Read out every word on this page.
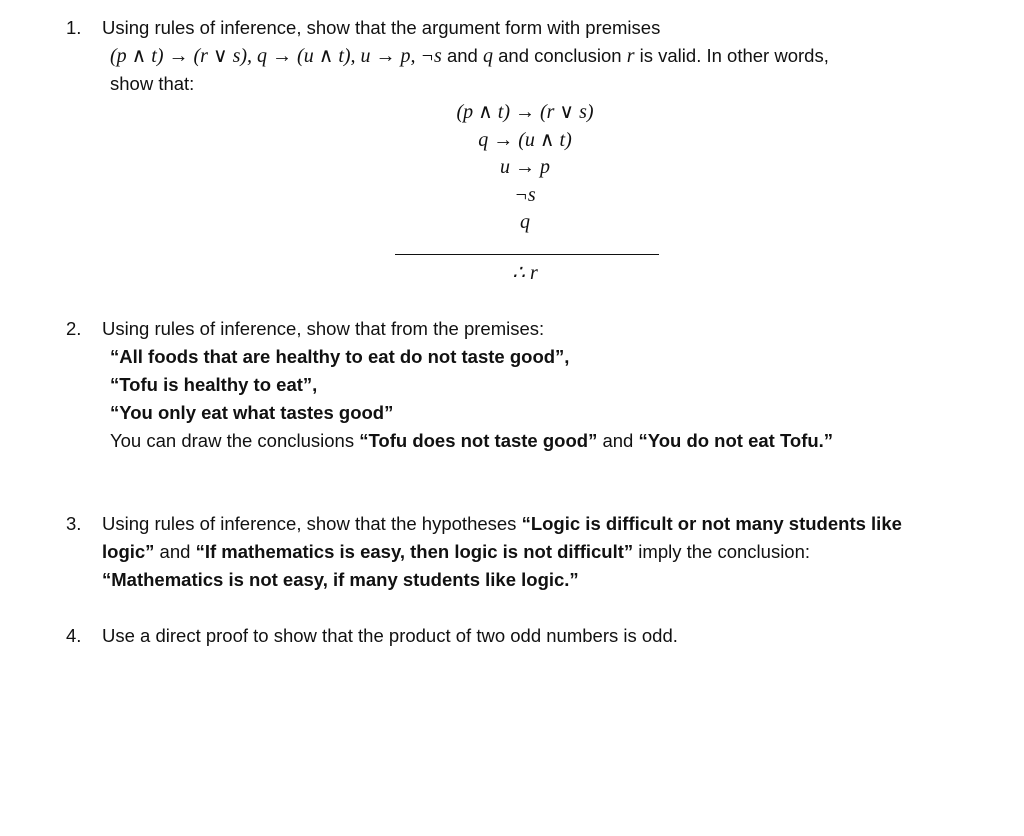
1. Using rules of inference, show that the argument form with premises
(p ∧ t) → (r ∨ s), q → (u ∧ t), u → p, ¬s and q and conclusion r is valid. In other words,
show that:
(p ∧ t) → (r ∨ s)
q → (u ∧ t)
u → p
¬s
q
∴ r
2. Using rules of inference, show that from the premises:
“All foods that are healthy to eat do not taste good”,
“Tofu is healthy to eat”,
“You only eat what tastes good”
You can draw the conclusions “Tofu does not taste good” and “You do not eat Tofu.”
3. Using rules of inference, show that the hypotheses “Logic is difficult or not many students like
logic” and “If mathematics is easy, then logic is not difficult” imply the conclusion:
“Mathematics is not easy, if many students like logic.”
4. Use a direct proof to show that the product of two odd numbers is odd.
